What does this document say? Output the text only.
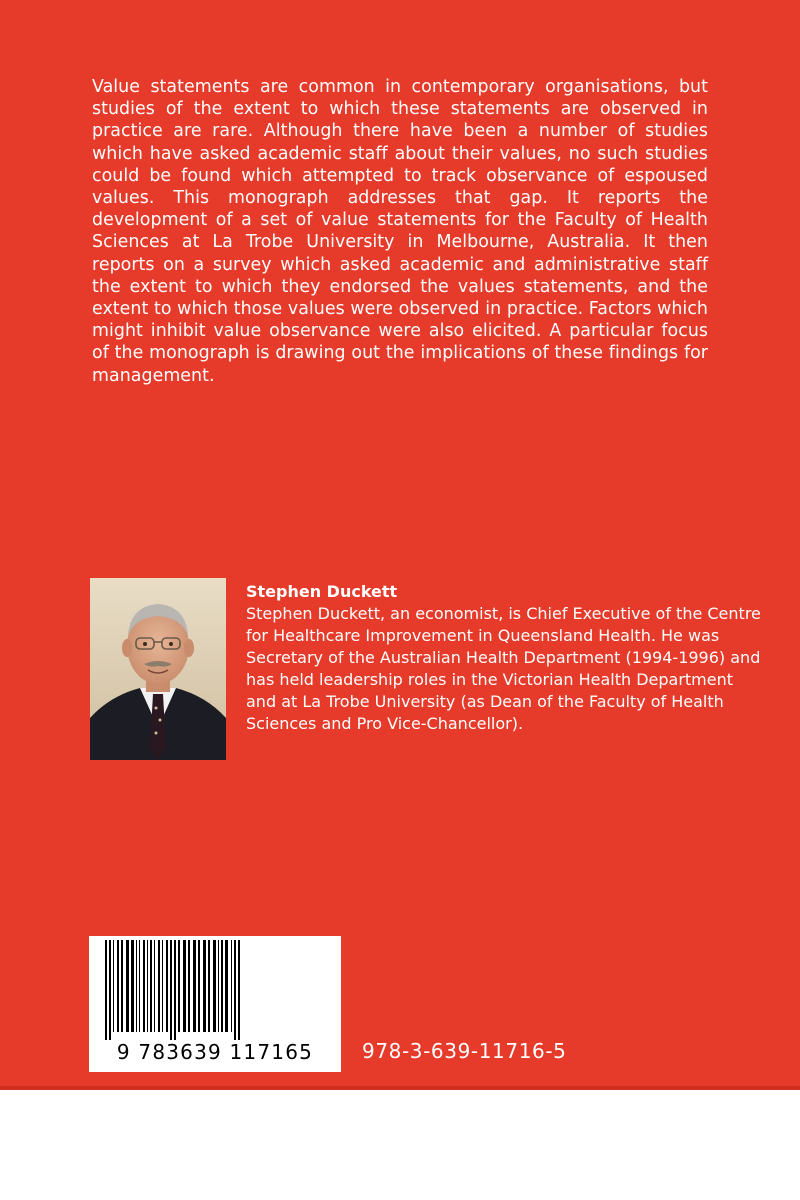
Value statements are common in contemporary organisations, but studies of the extent to which these statements are observed in practice are rare. Although there have been a number of studies which have asked academic staff about their values, no such studies could be found which attempted to track observance of espoused values. This monograph addresses that gap. It reports the development of a set of value statements for the Faculty of Health Sciences at La Trobe University in Melbourne, Australia. It then reports on a survey which asked academic and administrative staff the extent to which they endorsed the values statements, and the extent to which those values were observed in practice. Factors which might inhibit value observance were also elicited. A particular focus of the monograph is drawing out the implications of these findings for management.

Stephen Duckett
Stephen Duckett, an economist, is Chief Executive of the Centre for Healthcare Improvement in Queensland Health. He was Secretary of the Australian Health Department (1994-1996) and has held leadership roles in the Victorian Health Department and at La Trobe University (as Dean of the Faculty of Health Sciences and Pro Vice-Chancellor).
9 783639 117165	978-3-639-11716-5
